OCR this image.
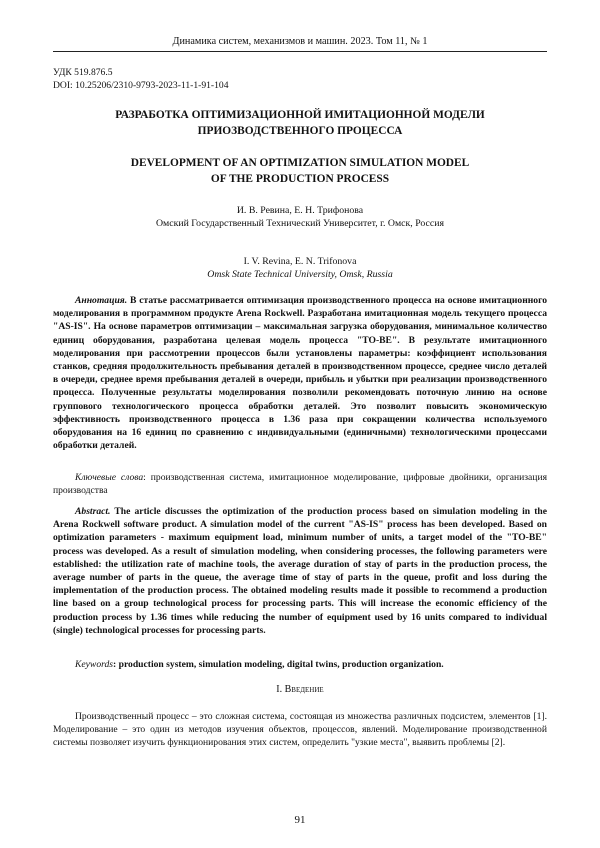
Динамика систем, механизмов и машин. 2023. Том 11, № 1
УДК 519.876.5
DOI: 10.25206/2310-9793-2023-11-1-91-104
РАЗРАБОТКА ОПТИМИЗАЦИОННОЙ ИМИТАЦИОННОЙ МОДЕЛИ
ПРИОЗВОДСТВЕННОГО ПРОЦЕССА
DEVELOPMENT OF AN OPTIMIZATION SIMULATION MODEL
OF THE PRODUCTION PROCESS
И. В. Ревина, Е. Н. Трифонова
Омский Государственный Технический Университет, г. Омск, Россия
I. V. Revina, E. N. Trifonova
Omsk State Technical University, Omsk, Russia
Аннотация. В статье рассматривается оптимизация производственного процесса на основе имитационного моделирования в программном продукте Arena Rockwell. Разработана имитационная модель текущего процесса "AS-IS". На основе параметров оптимизации – максимальная загрузка оборудования, минимальное количество единиц оборудования, разработана целевая модель процесса "TO-BE". В результате имитационного моделирования при рассмотрении процессов были установлены параметры: коэффициент использования станков, средняя продолжительность пребывания деталей в производственном процессе, среднее число деталей в очереди, среднее время пребывания деталей в очереди, прибыль и убытки при реализации производственного процесса. Полученные результаты моделирования позволили рекомендовать поточную линию на основе группового технологического процесса обработки деталей. Это позволит повысить экономическую эффективность производственного процесса в 1.36 раза при сокращении количества используемого оборудования на 16 единиц по сравнению с индивидуальными (единичными) технологическими процессами обработки деталей.
Ключевые слова: производственная система, имитационное моделирование, цифровые двойники, организация производства
Abstract. The article discusses the optimization of the production process based on simulation modeling in the Arena Rockwell software product. A simulation model of the current "AS-IS" process has been developed. Based on optimization parameters - maximum equipment load, minimum number of units, a target model of the "TO-BE" process was developed. As a result of simulation modeling, when considering processes, the following parameters were established: the utilization rate of machine tools, the average duration of stay of parts in the production process, the average number of parts in the queue, the average time of stay of parts in the queue, profit and loss during the implementation of the production process. The obtained modeling results made it possible to recommend a production line based on a group technological process for processing parts. This will increase the economic efficiency of the production process by 1.36 times while reducing the number of equipment used by 16 units compared to individual (single) technological processes for processing parts.
Keywords: production system, simulation modeling, digital twins, production organization.
I. Введение
Производственный процесс – это сложная система, состоящая из множества различных подсистем, элементов [1]. Моделирование – это один из методов изучения объектов, процессов, явлений. Моделирование производственной системы позволяет изучить функционирования этих систем, определить "узкие места", выявить проблемы [2].
91
